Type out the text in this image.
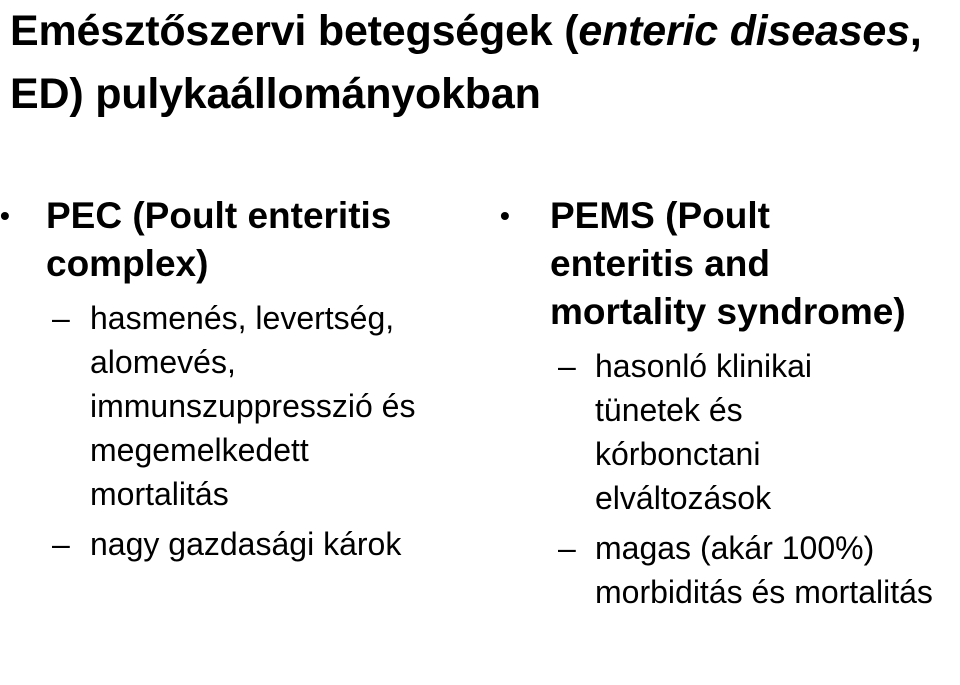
Emésztőszervi betegségek (enteric diseases, ED) pulykaállományokban
• PEC (Poult enteritis complex)
– hasmenés, levertség, alomevés, immunszuppresszió és megemelkedett mortalitás
– nagy gazdasági károk
• PEMS (Poult enteritis and mortality syndrome)
– hasonló klinikai tünetek és kórbonctani elváltozások
– magas (akár 100%) morbiditás és mortalitás
